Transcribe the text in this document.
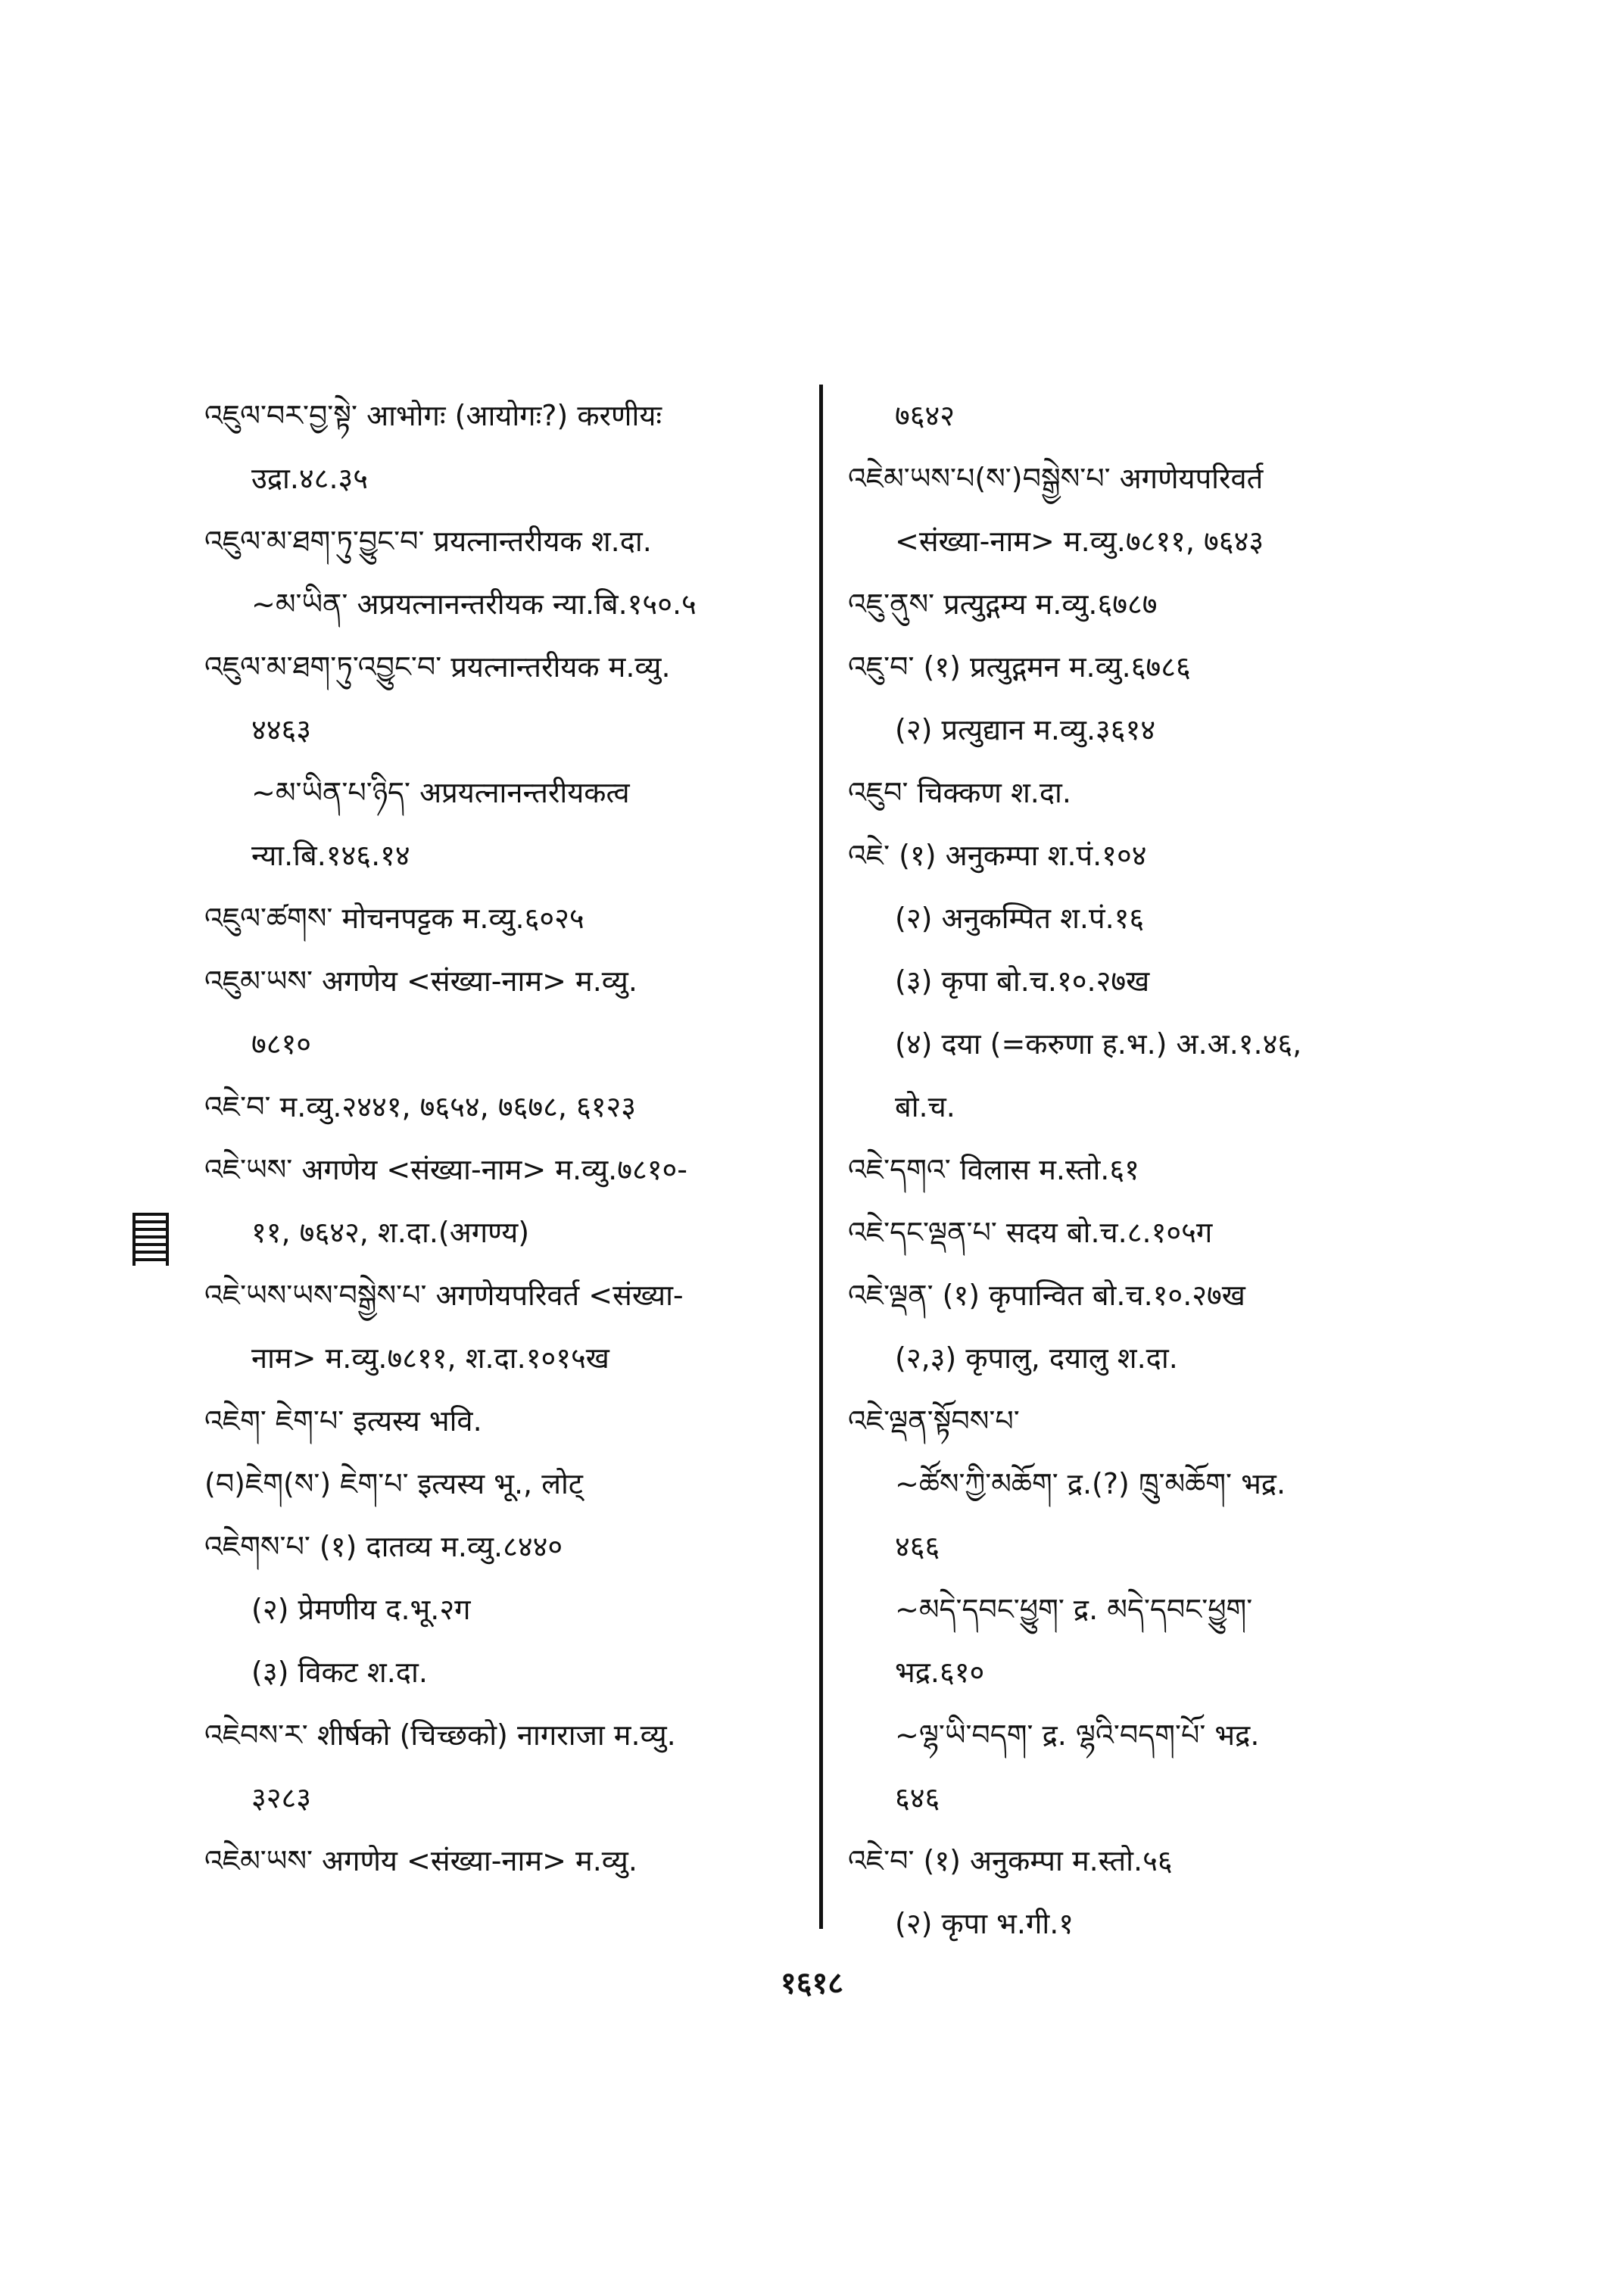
འཇུལ་བར་བྱ་སྟེ་ आभोगः (आयोगः?) करणीयः
उद्रा.४८.३५
འཇུལ་མ་ཐག་ཏུ་བྱུང་བ་ प्रयत्नान्तरीयक श.दा.
~མ་ཡིན་ अप्रयत्नानन्तरीयक न्या.बि.१५०.५
འཇུལ་མ་ཐག་ཏུ་འབྱུང་བ་ प्रयत्नान्तरीयक म.व्यु.
४४६३
~མ་ཡིན་པ་ཉིད་ अप्रयत्नानन्तरीयकत्व
न्या.बि.१४६.१४
འཇུལ་ཚགས་ मोचनपट्टक म.व्यु.६०२५
འཇུམ་ཡས་ अगणेय <संख्या-नाम> म.व्यु.
७८१०
འཇེ་བ་ म.व्यु.२४४१, ७६५४, ७६७८, ६१२३
འཇེ་ཡས་ अगणेय <संख्या-नाम> म.व्यु.७८१०-
११, ७६४२, श.दा.(अगण्य)
འཇེ་ཡས་ཡས་བསྒྱེས་པ་ अगणेयपरिवर्त <संख्या-
नाम> म.व्यु.७८११, श.दा.१०१५ख
འཇེག་ ཇེག་པ་ इत्यस्य भवि.
(བ)ཇེག(ས་) ཇེག་པ་ इत्यस्य भू., लोट्
འཇེགས་པ་ (१) दातव्य म.व्यु.८४४०
(२) प्रेमणीय द.भू.२ग
(३) विकट श.दा.
འཇེབས་ར་ शीर्षको (चिच्छको) नागराजा म.व्यु.
३२८३
འཇེམ་ཡས་ अगणेय <संख्या-नाम> म.व्यु.
७६४२
འཇེམ་ཡས་པ(ས་)བསྒྱེས་པ་ अगणेयपरिवर्त
<संख्या-नाम> म.व्यु.७८११, ७६४३
འཇུ་ནུས་ प्रत्युद्गम्य म.व्यु.६७८७
འཇུ་བ་ (१) प्रत्युद्गमन म.व्यु.६७८६
(२) प्रत्युद्यान म.व्यु.३६१४
འཇུབ་ चिक्कण श.दा.
འཇེ་ (१) अनुकम्पा श.पं.१०४
(२) अनुकम्पित श.पं.१६
(३) कृपा बो.च.१०.२७ख
(४) दया (=करुणा ह.भ.) अ.अ.१.४६,
बो.च.
འཇེ་དགའ་ विलास म.स्तो.६१
འཇེ་དང་ལྡན་པ་ सदय बो.च.८.१०५ग
འཇེ་ལྡན་ (१) कृपान्वित बो.च.१०.२७ख
(२,३) कृपालु, दयालु श.दा.
འཇེ་ལྡན་སྟོབས་པ་
~ཚོས་ཀྱི་མཆོག་ द्र.(?) ཁྲུ་མཆོག་ भद्र.
४६६
~མདེ་དབང་ཕྱུག་ द्र. མདེ་དབང་ཕྱུག་
भद्र.६१०
~ལྷ་ཡི་བདག་ द्र. ལྷའི་བདག་པོ་ भद्र.
६४६
འཇེ་བ་ (१) अनुकम्पा म.स्तो.५६
(२) कृपा भ.गी.१
१६१८
